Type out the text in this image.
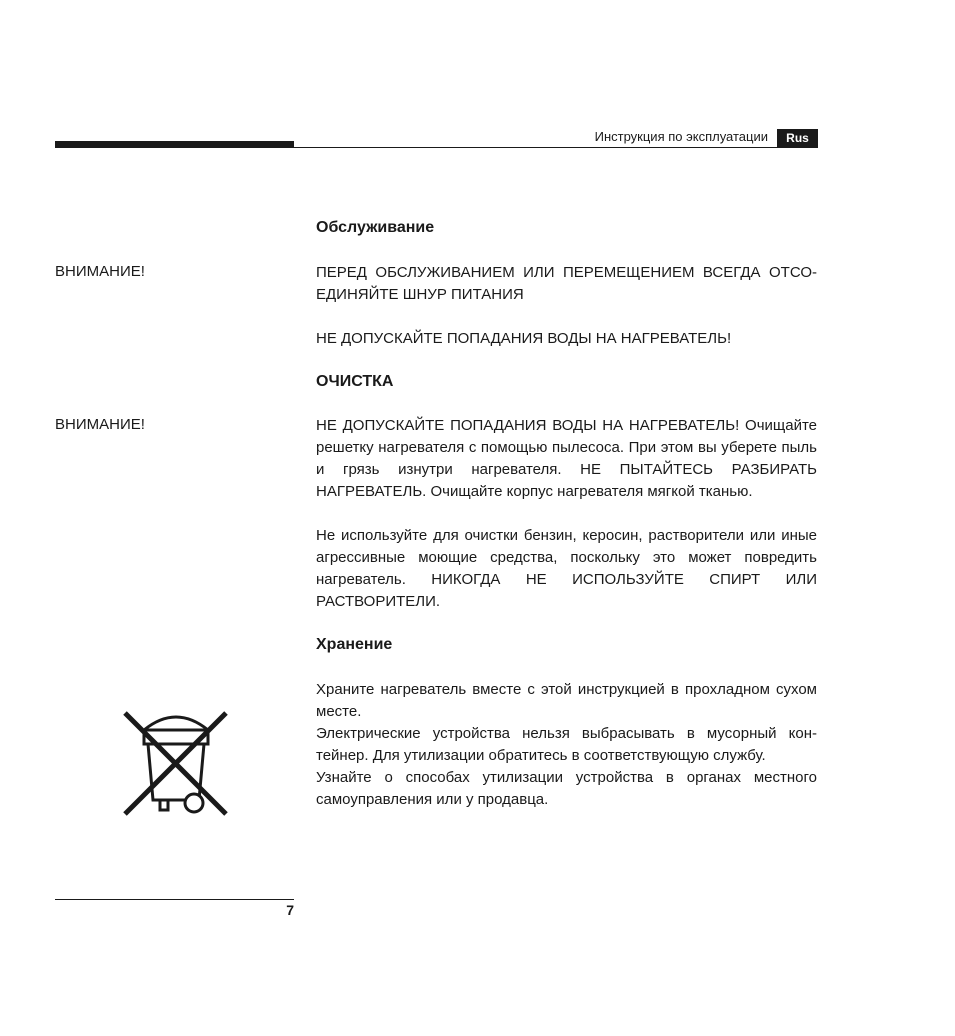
Инструкция по эксплуатации	Rus
Обслуживание
ВНИМАНИЕ!	ПЕРЕД ОБСЛУЖИВАНИЕМ ИЛИ ПЕРЕМЕЩЕНИЕМ ВСЕГДА ОТСО-ЕДИНЯЙТЕ ШНУР ПИТАНИЯ

НЕ ДОПУСКАЙТЕ ПОПАДАНИЯ ВОДЫ НА НАГРЕВАТЕЛЬ!

ОЧИСТКА
ВНИМАНИЕ!	НЕ ДОПУСКАЙТЕ ПОПАДАНИЯ ВОДЫ НА НАГРЕВАТЕЛЬ! Очищайте решетку нагревателя с помощью пылесоса. При этом вы уберете пыль и грязь изнутри нагревателя. НЕ ПЫТАЙТЕСЬ РАЗБИРАТЬ НАГРЕВАТЕЛЬ. Очищайте корпус нагревателя мягкой тканью.

Не используйте для очистки бензин, керосин, растворители или иные агрессивные моющие средства, поскольку это может повредить нагреватель. НИКОГДА НЕ ИСПОЛЬЗУЙТЕ СПИРТ ИЛИ РАСТВОРИТЕЛИ.

Хранение

Храните нагреватель вместе с этой инструкцией в прохладном сухом месте.

Электрические устройства нельзя выбрасывать в мусорный кон-тейнер. Для утилизации обратитесь в соответствующую службу.

Узнайте о способах утилизации устройства в органах местного самоуправления или у продавца.

7
